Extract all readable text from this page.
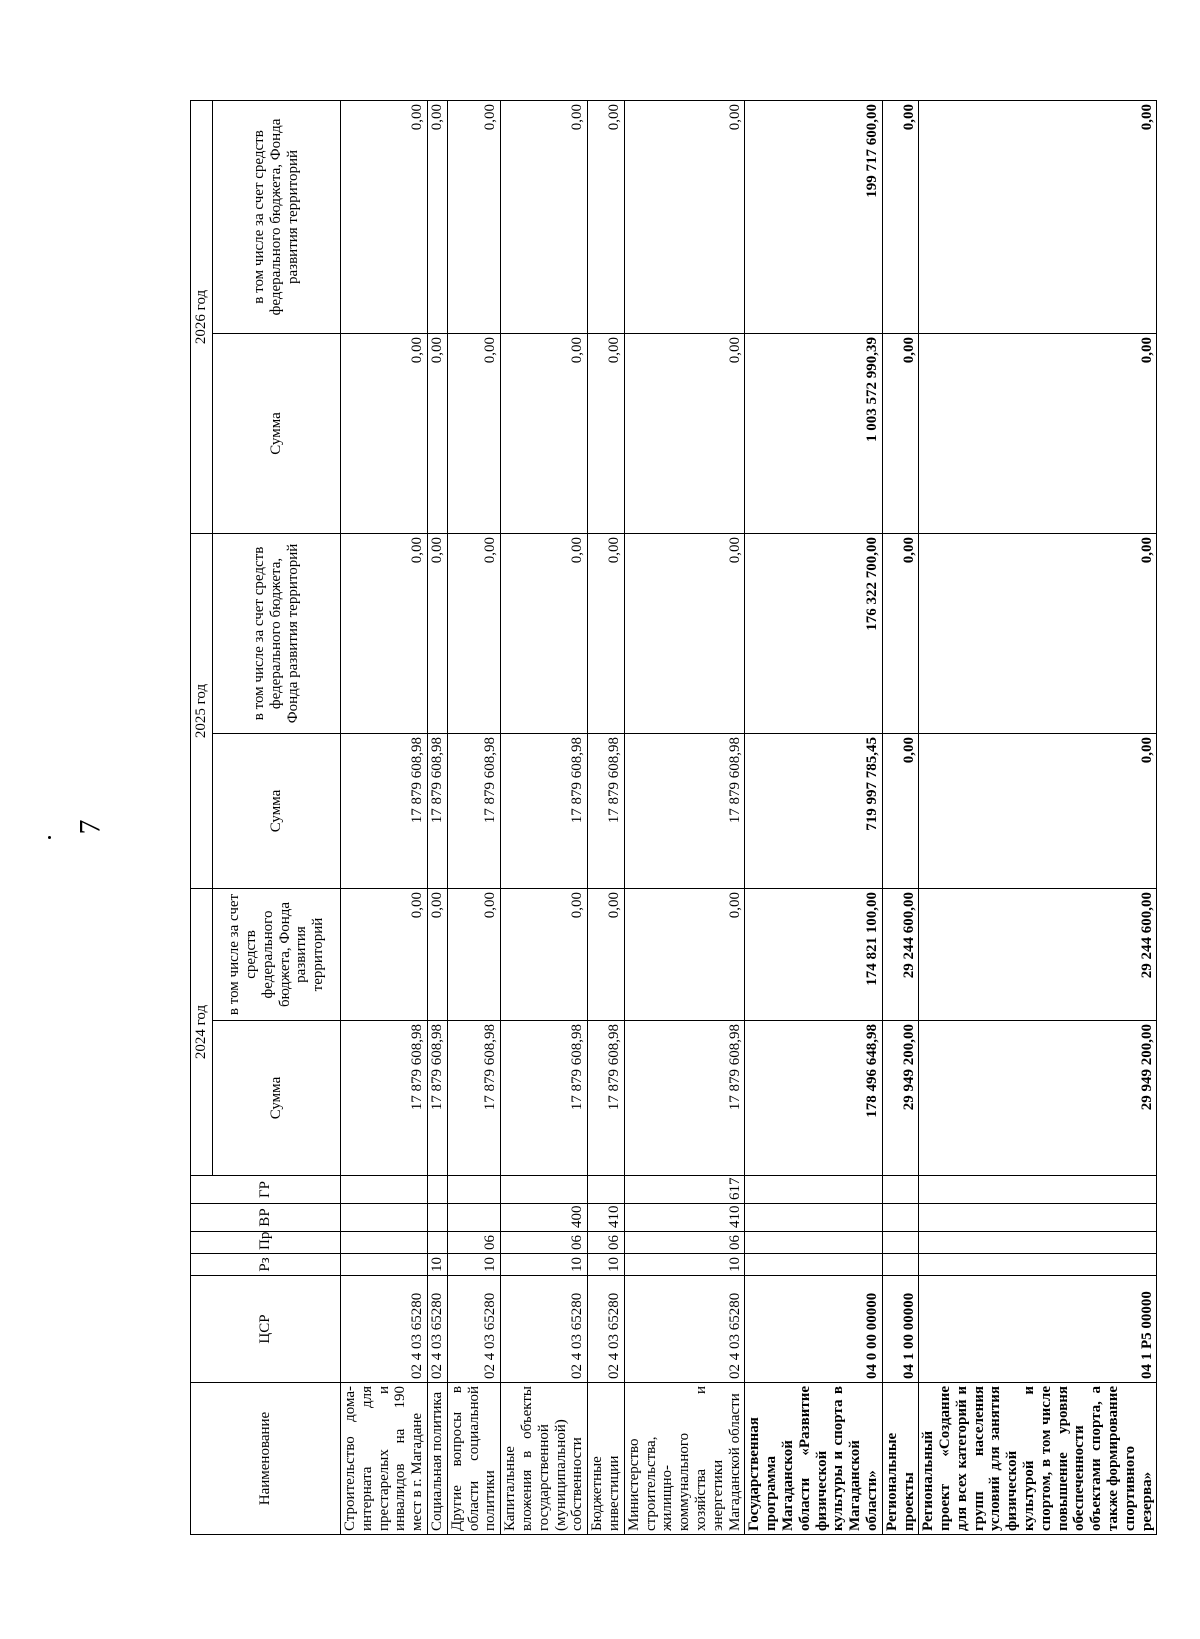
7
Наименование	ЦСР	Рз	Пр	ВР	ГР	2024 год		2025 год		2026 год	
						Сумма	в том числе за счет средств федерального бюджета, Фонда развития территорий	Сумма	в том числе за счет средств федерального бюджета, Фонда развития территорий	Сумма	в том числе за счет средств федерального бюджета, Фонда развития территорий
Строительство дома-интерната для престарелых и инвалидов на 190 мест в г. Магадане	02 4 03 65280					17 879 608,98	0,00	17 879 608,98	0,00	0,00	0,00
Социальная политика	02 4 03 65280	10				17 879 608,98	0,00	17 879 608,98	0,00	0,00	0,00
Другие вопросы в области социальной политики	02 4 03 65280	10	06			17 879 608,98	0,00	17 879 608,98	0,00	0,00	0,00
Капитальные вложения в объекты государственной (муниципальной) собственности	02 4 03 65280	10	06	400		17 879 608,98	0,00	17 879 608,98	0,00	0,00	0,00
Бюджетные инвестиции	02 4 03 65280	10	06	410		17 879 608,98	0,00	17 879 608,98	0,00	0,00	0,00
Министерство строительства, жилищно-коммунального хозяйства и энергетики Магаданской области	02 4 03 65280	10	06	410	617	17 879 608,98	0,00	17 879 608,98	0,00	0,00	0,00
Государственная программа Магаданской области «Развитие физической культуры и спорта в Магаданской области»	04 0 00 00000					178 496 648,98	174 821 100,00	719 997 785,45	176 322 700,00	1 003 572 990,39	199 717 600,00
Региональные проекты	04 1 00 00000					29 949 200,00	29 244 600,00	0,00	0,00	0,00	0,00
Региональный проект «Создание для всех категорий и групп населения условий для занятия физической культурой и спортом, в том числе повышение уровня обеспеченности объектами спорта, а также формирование спортивного резерва»	04 1 P5 00000					29 949 200,00	29 244 600,00	0,00	0,00	0,00	0,00
